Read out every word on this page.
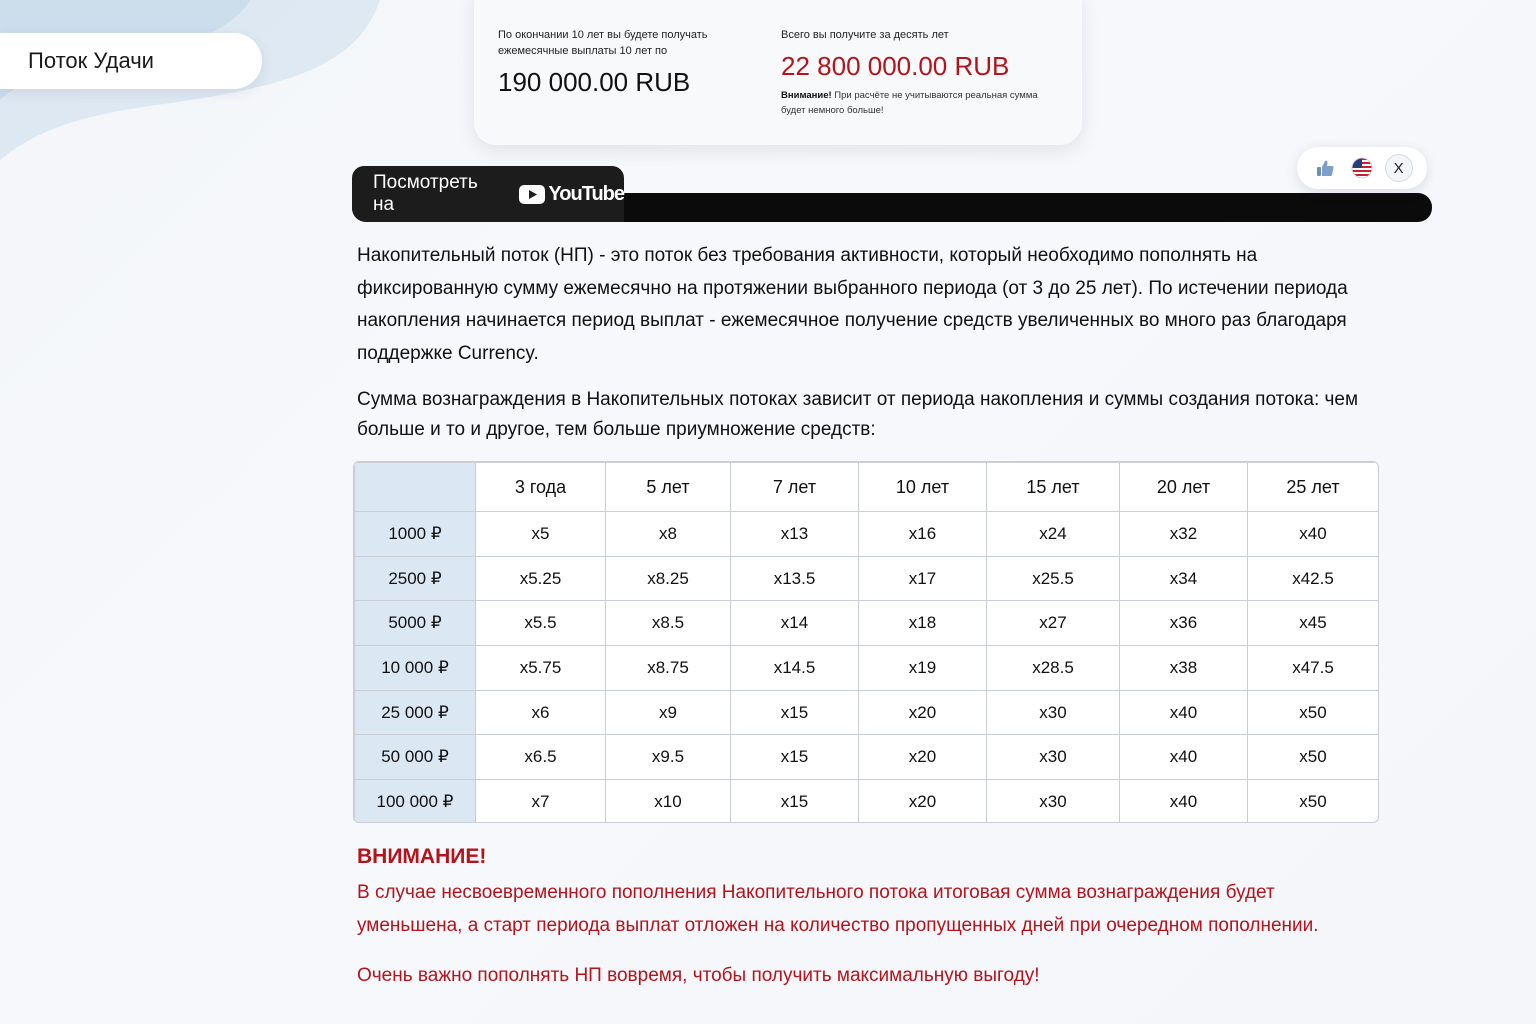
Поток Удачи
По окончании 10 лет вы будете получать ежемесячные выплаты 10 лет по
190 000.00 RUB
Всего вы получите за десять лет
22 800 000.00 RUB
Внимание! При расчёте не учитываются реальная сумма будет немного больше!
Посмотреть на	YouTube
X

Накопительный поток (НП) - это поток без требования активности, который необходимо пополнять на фиксированную сумму ежемесячно на протяжении выбранного периода (от 3 до 25 лет). По истечении периода накопления начинается период выплат - ежемесячное получение средств увеличенных во много раз благодаря поддержке Currency.

Сумма вознаграждения в Накопительных потоках зависит от периода накопления и суммы создания потока: чем больше и то и другое, тем больше приумножение средств:

	3 года	5 лет	7 лет	10 лет	15 лет	20 лет	25 лет
1000 ₽	x5	x8	x13	x16	x24	x32	x40
2500 ₽	x5.25	x8.25	x13.5	x17	x25.5	x34	x42.5
5000 ₽	x5.5	x8.5	x14	x18	x27	x36	x45
10 000 ₽	x5.75	x8.75	x14.5	x19	x28.5	x38	x47.5
25 000 ₽	x6	x9	x15	x20	x30	x40	x50
50 000 ₽	x6.5	x9.5	x15	x20	x30	x40	x50
100 000 ₽	x7	x10	x15	x20	x30	x40	x50
ВНИМАНИЕ!

В случае несвоевременного пополнения Накопительного потока итоговая сумма вознаграждения будет уменьшена, а старт периода выплат отложен на количество пропущенных дней при очередном пополнении.

Очень важно пополнять НП вовремя, чтобы получить максимальную выгоду!
